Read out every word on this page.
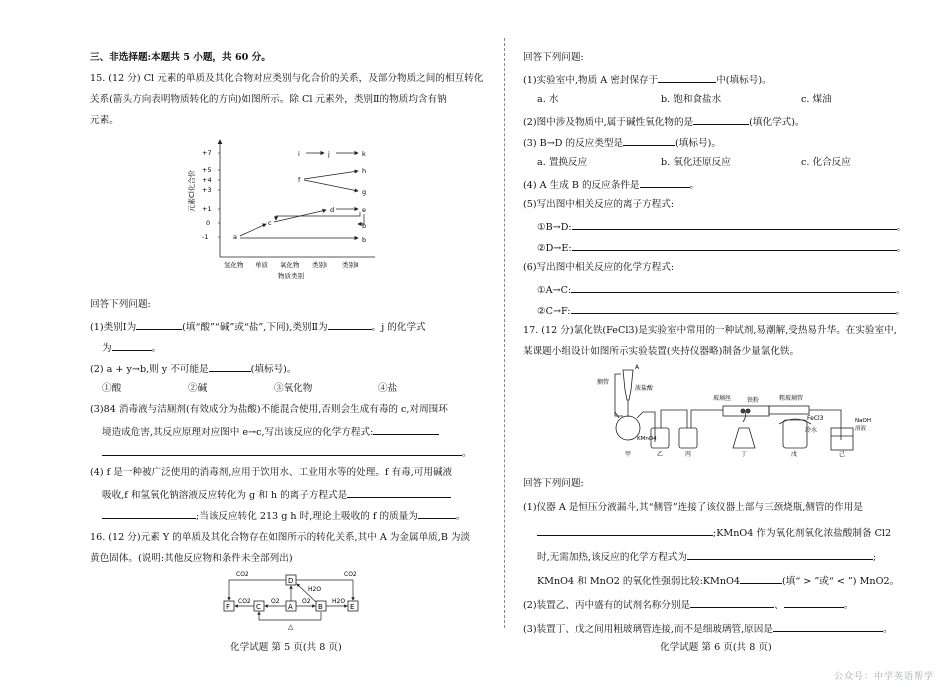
三、非选择题:本题共 5 小题，共 60 分。
15. (12 分) Cl 元素的单质及其化合物对应类别与化合价的关系，及部分物质之间的相互转化
关系(箭头方向表明物质转化的方向)如图所示。除 Cl 元素外，类别Ⅱ的物质均含有钠
元素。
元素Cl化合价
+7
+5
+4
+3
+1
0
-1
氢化物 单质 氧化物 类别Ⅰ 类别Ⅱ
物质类别
i	j	k
f
h
g
d	e
c
a
b
b
回答下列问题:
(1)类别Ⅰ为	(填“酸”“碱”或“盐”,下同),类别Ⅱ为	。j 的化学式
为	。
(2) a + y→b,则 y 不可能是	(填标号)。
①酸	②碱	③氧化物	④盐
(3)84 消毒液与洁厕剂(有效成分为盐酸)不能混合使用,否则会生成有毒的 c,对周围环
境造成危害,其反应原理对应图中 e→c,写出该反应的化学方程式:
。
(4) f 是一种被广泛使用的消毒剂,应用于饮用水、工业用水等的处理。f 有毒,可用碱液
吸收,f 和氢氧化钠溶液反应转化为 g 和 h 的离子方程式是
;当该反应转化 213 g h 时,理论上吸收的 f 的质量为	。
16. (12 分)元素 Y 的单质及其化合物存在如图所示的转化关系,其中 A 为金属单质,B 为淡
黄色固体。(说明:其他反应物和条件未全部列出)
F	C	A	B	E
D
CO2
CO2	O2
H2O
O2
CO2
H2O
△
回答下列问题:
(1)实验室中,物质 A 密封保存于	中(填标号)。
a. 水	b. 饱和食盐水	c. 煤油
(2)图中涉及物质中,属于碱性氧化物的是	(填化学式)。
(3) B→D 的反应类型是	(填标号)。
a. 置换反应	b. 氧化还原反应	c. 化合反应
(4) A 生成 B 的反应条件是	。
(5)写出图中相关反应的离子方程式:
①B→D:	。
②D→E:	。
(6)写出图中相关反应的化学方程式:
①A→C:	。
②C→F:	。
17. (12 分)氯化铁(FeCl3)是实验室中常用的一种试剂,易潮解,受热易升华。在实验室中,
某课题小组设计如图所示实验装置(夹持仪器略)制备少量氯化铁。
A
侧管
浓盐酸
KMnO4
甲	乙	丙
玻璃丝	铁粉	粗玻璃管
FeCl3
冷水
NaOH
溶液
丁	戊	己
回答下列问题:
(1)仪器 A 是恒压分液漏斗,其“侧管”连接了该仪器上部与三颈烧瓶,侧管的作用是
;KMnO4 作为氧化剂氧化浓盐酸制备 Cl2
时,无需加热,该反应的化学方程式为	;
KMnO4 和 MnO2 的氧化性强弱比较:KMnO4	(填“ > ”或“ < ”) MnO2。
(2)装置乙、丙中盛有的试剂名称分别是	、	。
(3)装置丁、戊之间用粗玻璃管连接,而不是细玻璃管,原因是	。
化学试题 第 5 页(共 8 页)	化学试题 第 6 页(共 8 页)
公众号：中学英语帮学
